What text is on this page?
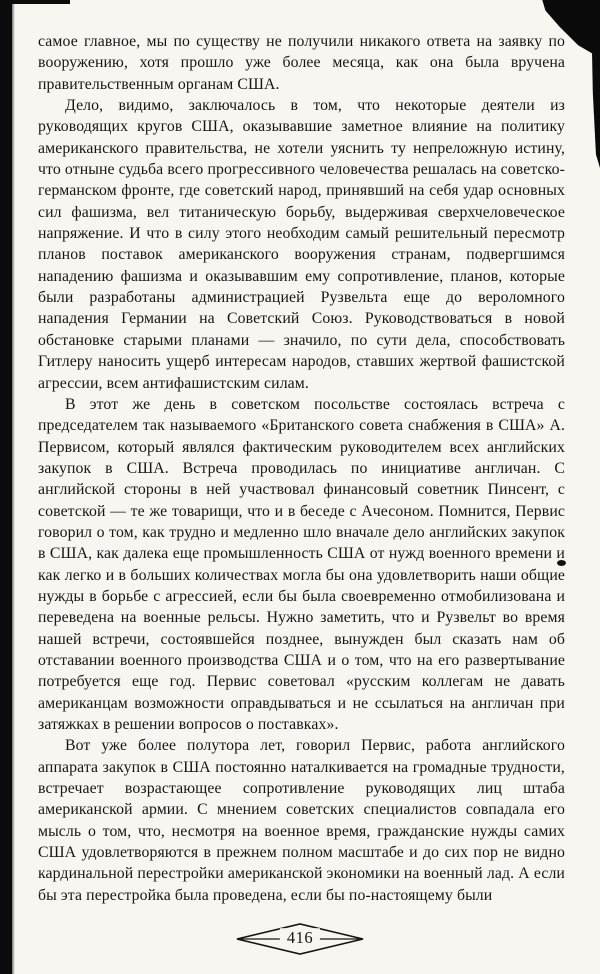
самое главное, мы по существу не получили никакого ответа на заявку по вооружению, хотя прошло уже более месяца, как она была вручена правительственным органам США.

Дело, видимо, заключалось в том, что некоторые деятели из руководящих кругов США, оказывавшие заметное влияние на политику американского правительства, не хотели уяснить ту непреложную истину, что отныне судьба всего прогрессивного человечества решалась на советско-германском фронте, где советский народ, принявший на себя удар основных сил фашизма, вел титаническую борьбу, выдерживая сверхчеловеческое напряжение. И что в силу этого необходим самый решительный пересмотр планов поставок американского вооружения странам, подвергшимся нападению фашизма и оказывавшим ему сопротивление, планов, которые были разработаны администрацией Рузвельта еще до вероломного нападения Германии на Советский Союз. Руководствоваться в новой обстановке старыми планами — значило, по сути дела, способствовать Гитлеру наносить ущерб интересам народов, ставших жертвой фашистской агрессии, всем антифашистским силам.

В этот же день в советском посольстве состоялась встреча с председателем так называемого «Британского совета снабжения в США» А. Первисом, который являлся фактическим руководителем всех английских закупок в США. Встреча проводилась по инициативе англичан. С английской стороны в ней участвовал финансовый советник Пинсент, с советской — те же товарищи, что и в беседе с Ачесоном. Помнится, Первис говорил о том, как трудно и медленно шло вначале дело английских закупок в США, как далека еще промышленность США от нужд военного времени и как легко и в больших количествах могла бы она удовлетворить наши общие нужды в борьбе с агрессией, если бы была своевременно отмобилизована и переведена на военные рельсы. Нужно заметить, что и Рузвельт во время нашей встречи, состоявшейся позднее, вынужден был сказать нам об отставании военного производства США и о том, что на его развертывание потребуется еще год. Первис советовал «русским коллегам не давать американцам возможности оправдываться и не ссылаться на англичан при затяжках в решении вопросов о поставках».

Вот уже более полутора лет, говорил Первис, работа английского аппарата закупок в США постоянно наталкивается на громадные трудности, встречает возрастающее сопротивление руководящих лиц штаба американской армии. С мнением советских специалистов совпадала его мысль о том, что, несмотря на военное время, гражданские нужды самих США удовлетворяются в прежнем полном масштабе и до сих пор не видно кардинальной перестройки американской экономики на военный лад. А если бы эта перестройка была проведена, если бы по-настоящему были

416
